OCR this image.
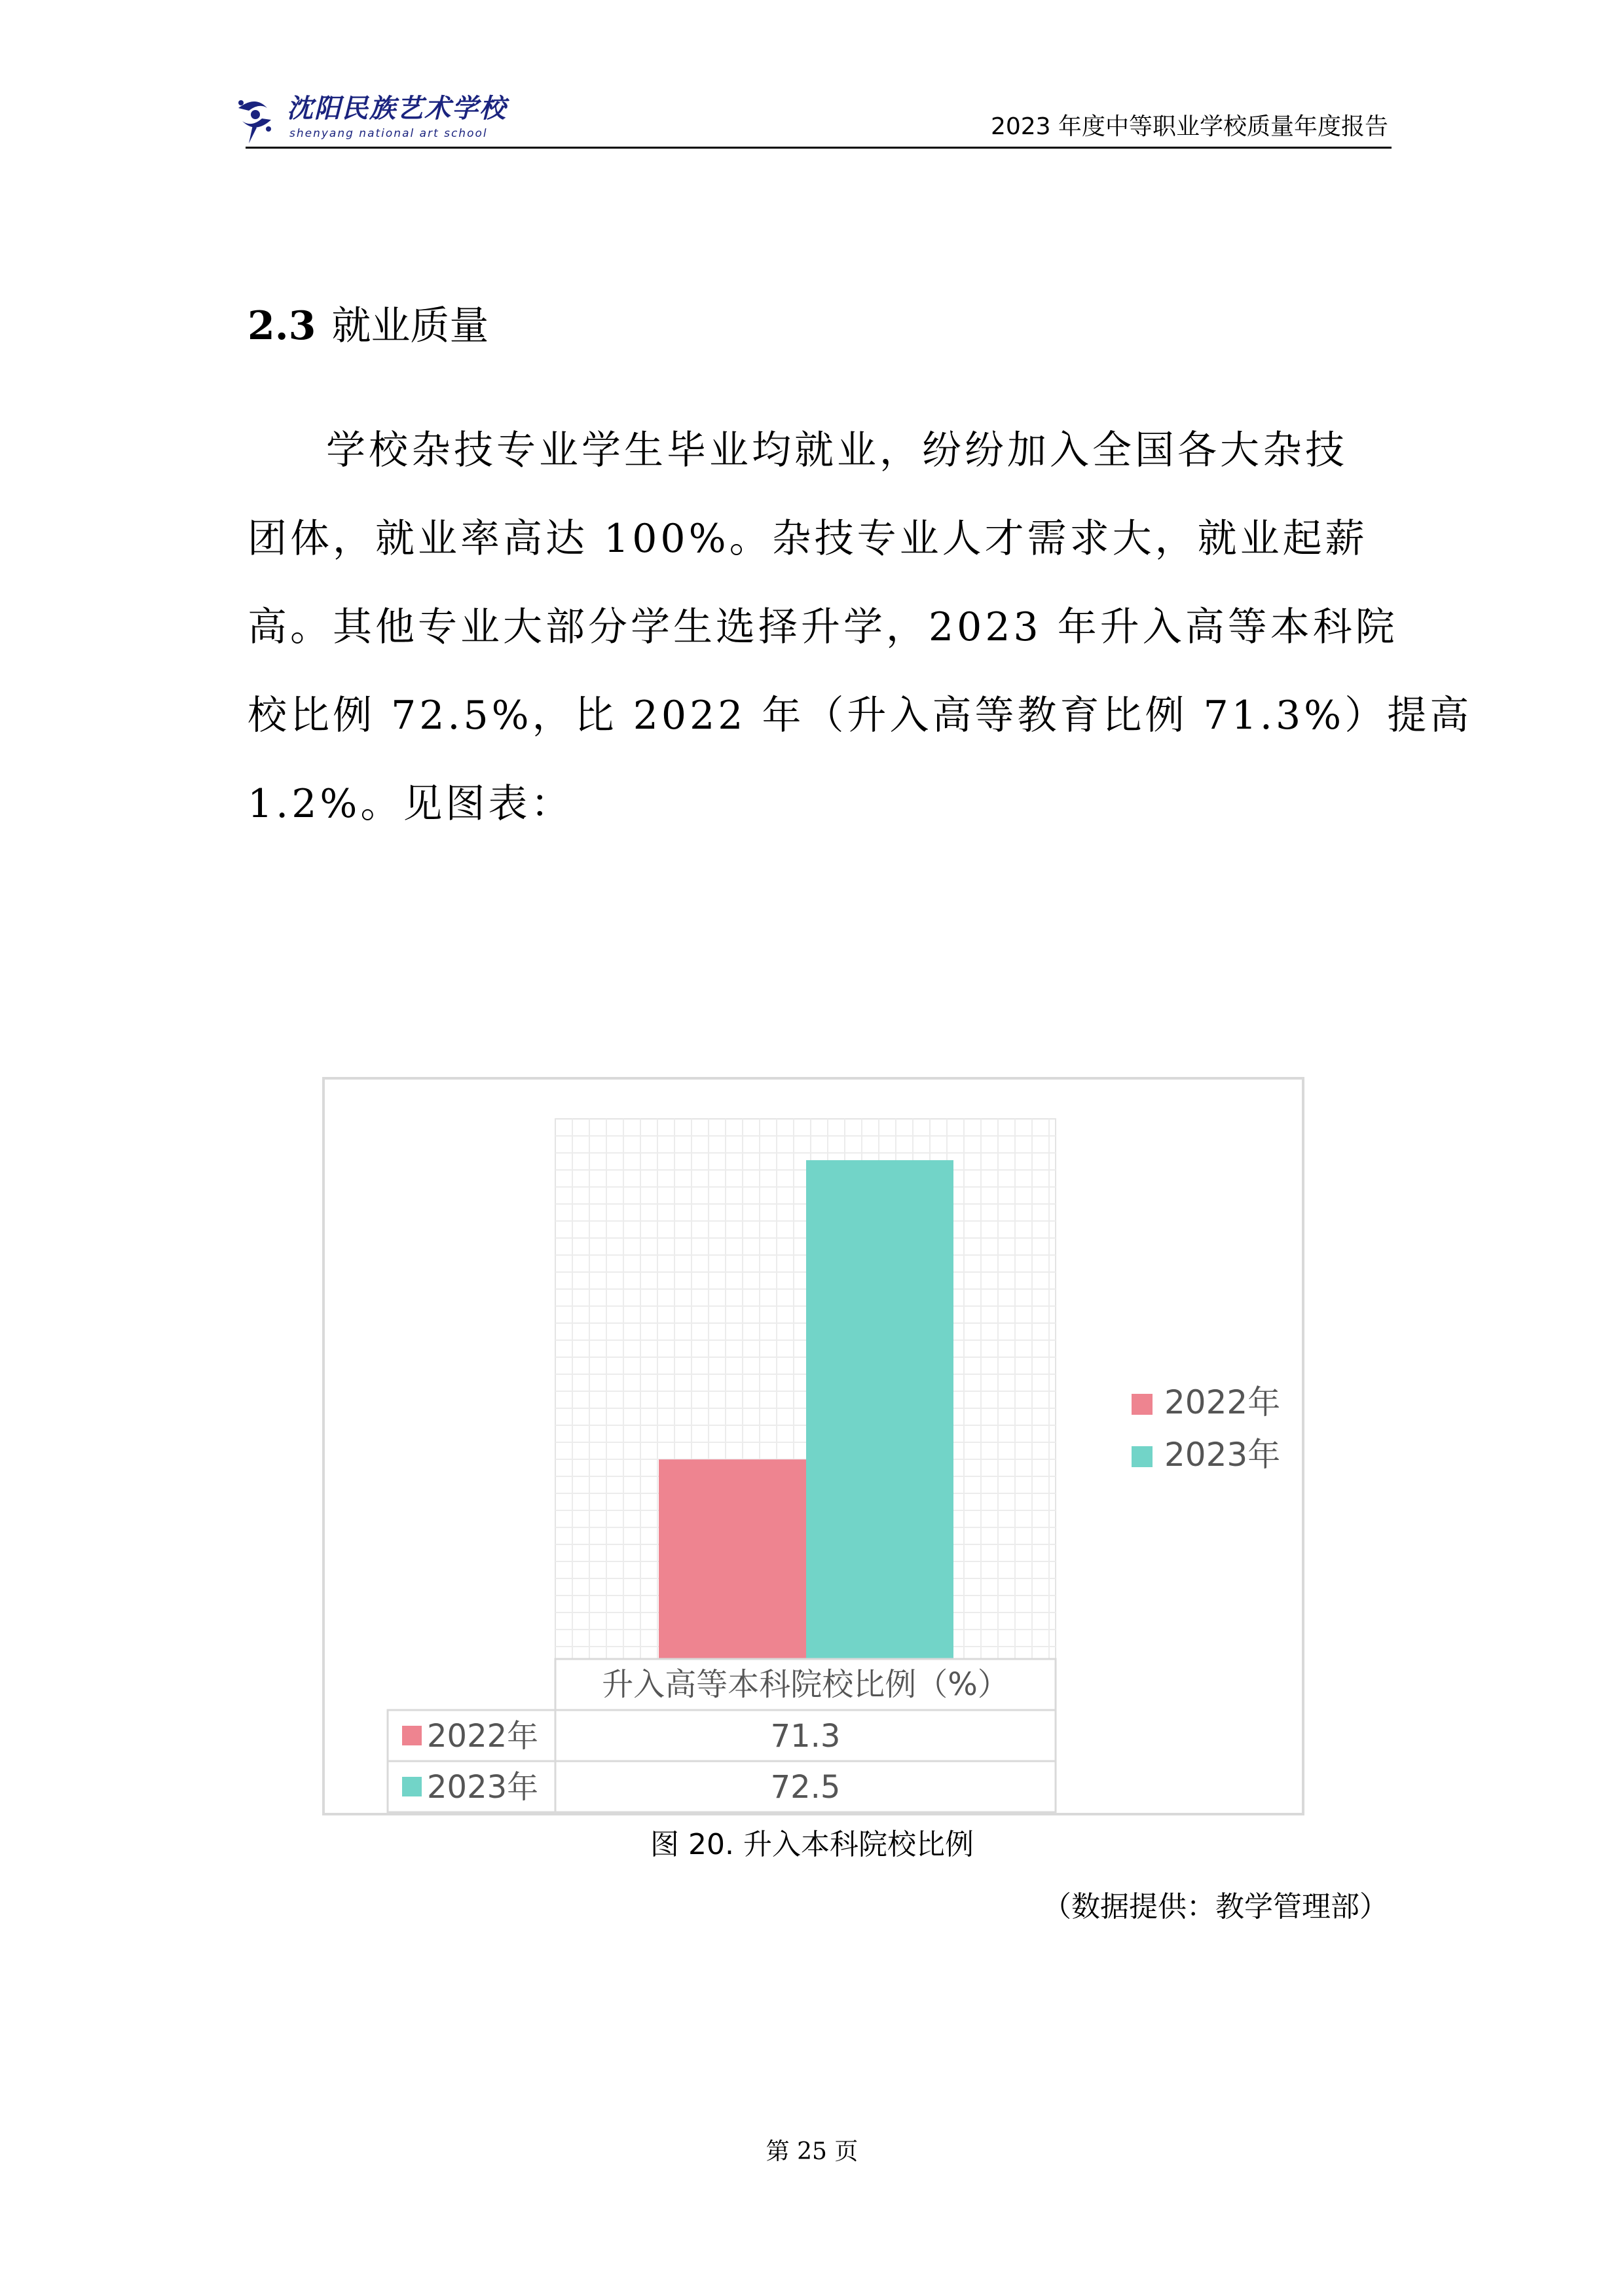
沈阳民族艺术学校
shenyang national art school	2023 年度中等职业学校质量年度报告
2.3 就业质量
学校杂技专业学生毕业均就业，纷纷加入全国各大杂技
团体，就业率高达 100%。杂技专业人才需求大，就业起薪
高。其他专业大部分学生选择升学，2023 年升入高等本科院
校比例 72.5%，比 2022 年（升入高等教育比例 71.3%）提高
1.2%。见图表：
2022年
2023年
升入高等本科院校比例（%）
2022年	71.3
2023年	72.5
图 20. 升入本科院校比例
（数据提供：教学管理部）
第 25 页
